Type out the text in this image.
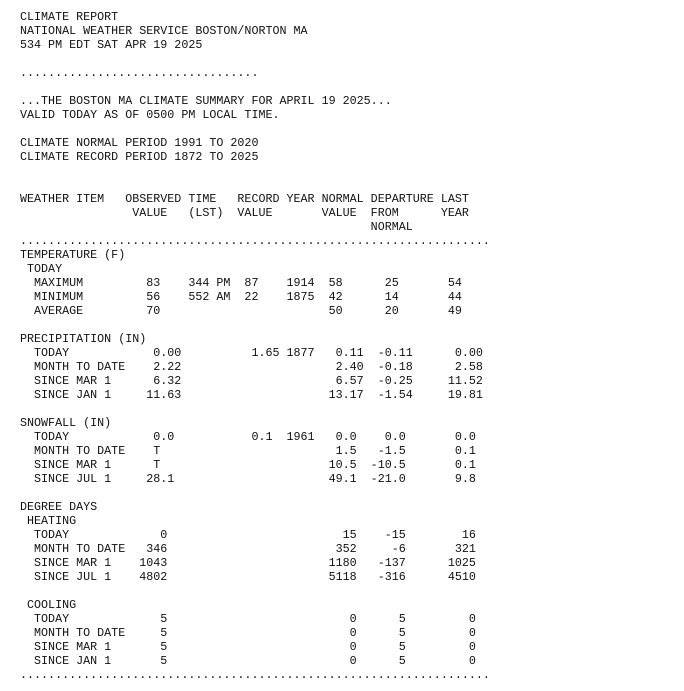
CLIMATE REPORT
NATIONAL WEATHER SERVICE BOSTON/NORTON MA
534 PM EDT SAT APR 19 2025
..................................
...THE BOSTON MA CLIMATE SUMMARY FOR APRIL 19 2025...
VALID TODAY AS OF 0500 PM LOCAL TIME.
CLIMATE NORMAL PERIOD 1991 TO 2020
CLIMATE RECORD PERIOD 1872 TO 2025
WEATHER ITEM   OBSERVED TIME   RECORD YEAR NORMAL DEPARTURE LAST
VALUE   (LST)  VALUE       VALUE  FROM      YEAR
NORMAL
...................................................................
TEMPERATURE (F)
TODAY
MAXIMUM         83    344 PM  87    1914  58      25       54
MINIMUM         56    552 AM  22    1875  42      14       44
AVERAGE         70                        50      20       49
PRECIPITATION (IN)
TODAY            0.00          1.65 1877   0.11  -0.11      0.00
MONTH TO DATE    2.22                      2.40  -0.18      2.58
SINCE MAR 1      6.32                      6.57  -0.25     11.52
SINCE JAN 1     11.63                     13.17  -1.54     19.81
SNOWFALL (IN)
TODAY            0.0           0.1  1961   0.0    0.0       0.0
MONTH TO DATE    T                         1.5   -1.5       0.1
SINCE MAR 1      T                        10.5  -10.5       0.1
SINCE JUL 1     28.1                      49.1  -21.0       9.8
DEGREE DAYS
HEATING
TODAY             0                         15    -15        16
MONTH TO DATE   346                        352     -6       321
SINCE MAR 1    1043                       1180   -137      1025
SINCE JUL 1    4802                       5118   -316      4510
COOLING
TODAY             5                          0      5         0
MONTH TO DATE     5                          0      5         0
SINCE MAR 1       5                          0      5         0
SINCE JAN 1       5                          0      5         0
...................................................................
